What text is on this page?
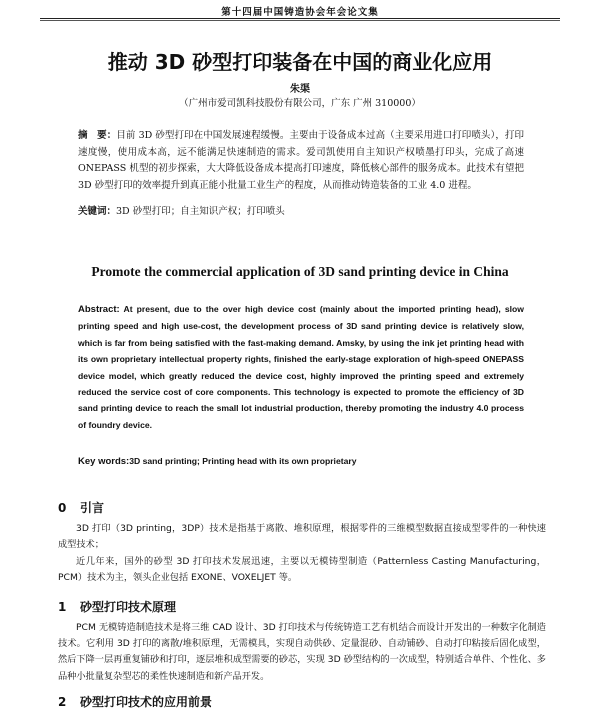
第十四届中国铸造协会年会论文集
推动 3D 砂型打印装备在中国的商业化应用
朱渠
（广州市爱司凯科技股份有限公司，广东 广州 310000）
摘　要：目前 3D 砂型打印在中国发展速程缓慢。主要由于设备成本过高（主要采用进口打印喷头），打印速度慢，使用成本高，远不能满足快速制造的需求。爱司凯使用自主知识产权喷墨打印头，完成了高速 ONEPASS 机型的初步探索，大大降低设备成本提高打印速度，降低核心部件的服务成本。此技术有望把 3D 砂型打印的效率提升到真正能小批量工业生产的程度，从而推动铸造装备的工业 4.0 进程。
关键词：3D 砂型打印；自主知识产权；打印喷头
Promote the commercial application of 3D sand printing device in China
Abstract: At present, due to the over high device cost (mainly about the imported printing head), slow printing speed and high use-cost, the development process of 3D sand printing device is relatively slow, which is far from being satisfied with the fast-making demand. Amsky, by using the ink jet printing head with its own proprietary intellectual property rights, finished the early-stage exploration of high-speed ONEPASS device model, which greatly reduced the device cost, highly improved the printing speed and extremely reduced the service cost of core components. This technology is expected to promote the efficiency of 3D sand printing device to reach the small lot industrial production, thereby promoting the industry 4.0 process of foundry device.
Key words:3D sand printing; Printing head with its own proprietary
0 引言
3D 打印（3D printing，3DP）技术是指基于离散、堆积原理，根据零件的三维模型数据直接成型零件的一种快速成型技术；
近几年来，国外的砂型 3D 打印技术发展迅速，主要以无模铸型制造（Patternless Casting Manufacturing，PCM）技术为主，领头企业包括 EXONE、VOXELJET 等。
1 砂型打印技术原理
PCM 无模铸造制造技术是将三维 CAD 设计、3D 打印技术与传统铸造工艺有机结合而设计开发出的一种数字化制造技术。它利用 3D 打印的离散/堆积原理，无需模具，实现自动供砂、定量混砂、自动铺砂、自动打印粘接后固化成型，然后下降一层再重复铺砂和打印，逐层堆积成型需要的砂芯，实现 3D 砂型结构的一次成型，特别适合单件、个性化、多品种小批量复杂型芯的柔性快速制造和新产品开发。
2 砂型打印技术的应用前景
